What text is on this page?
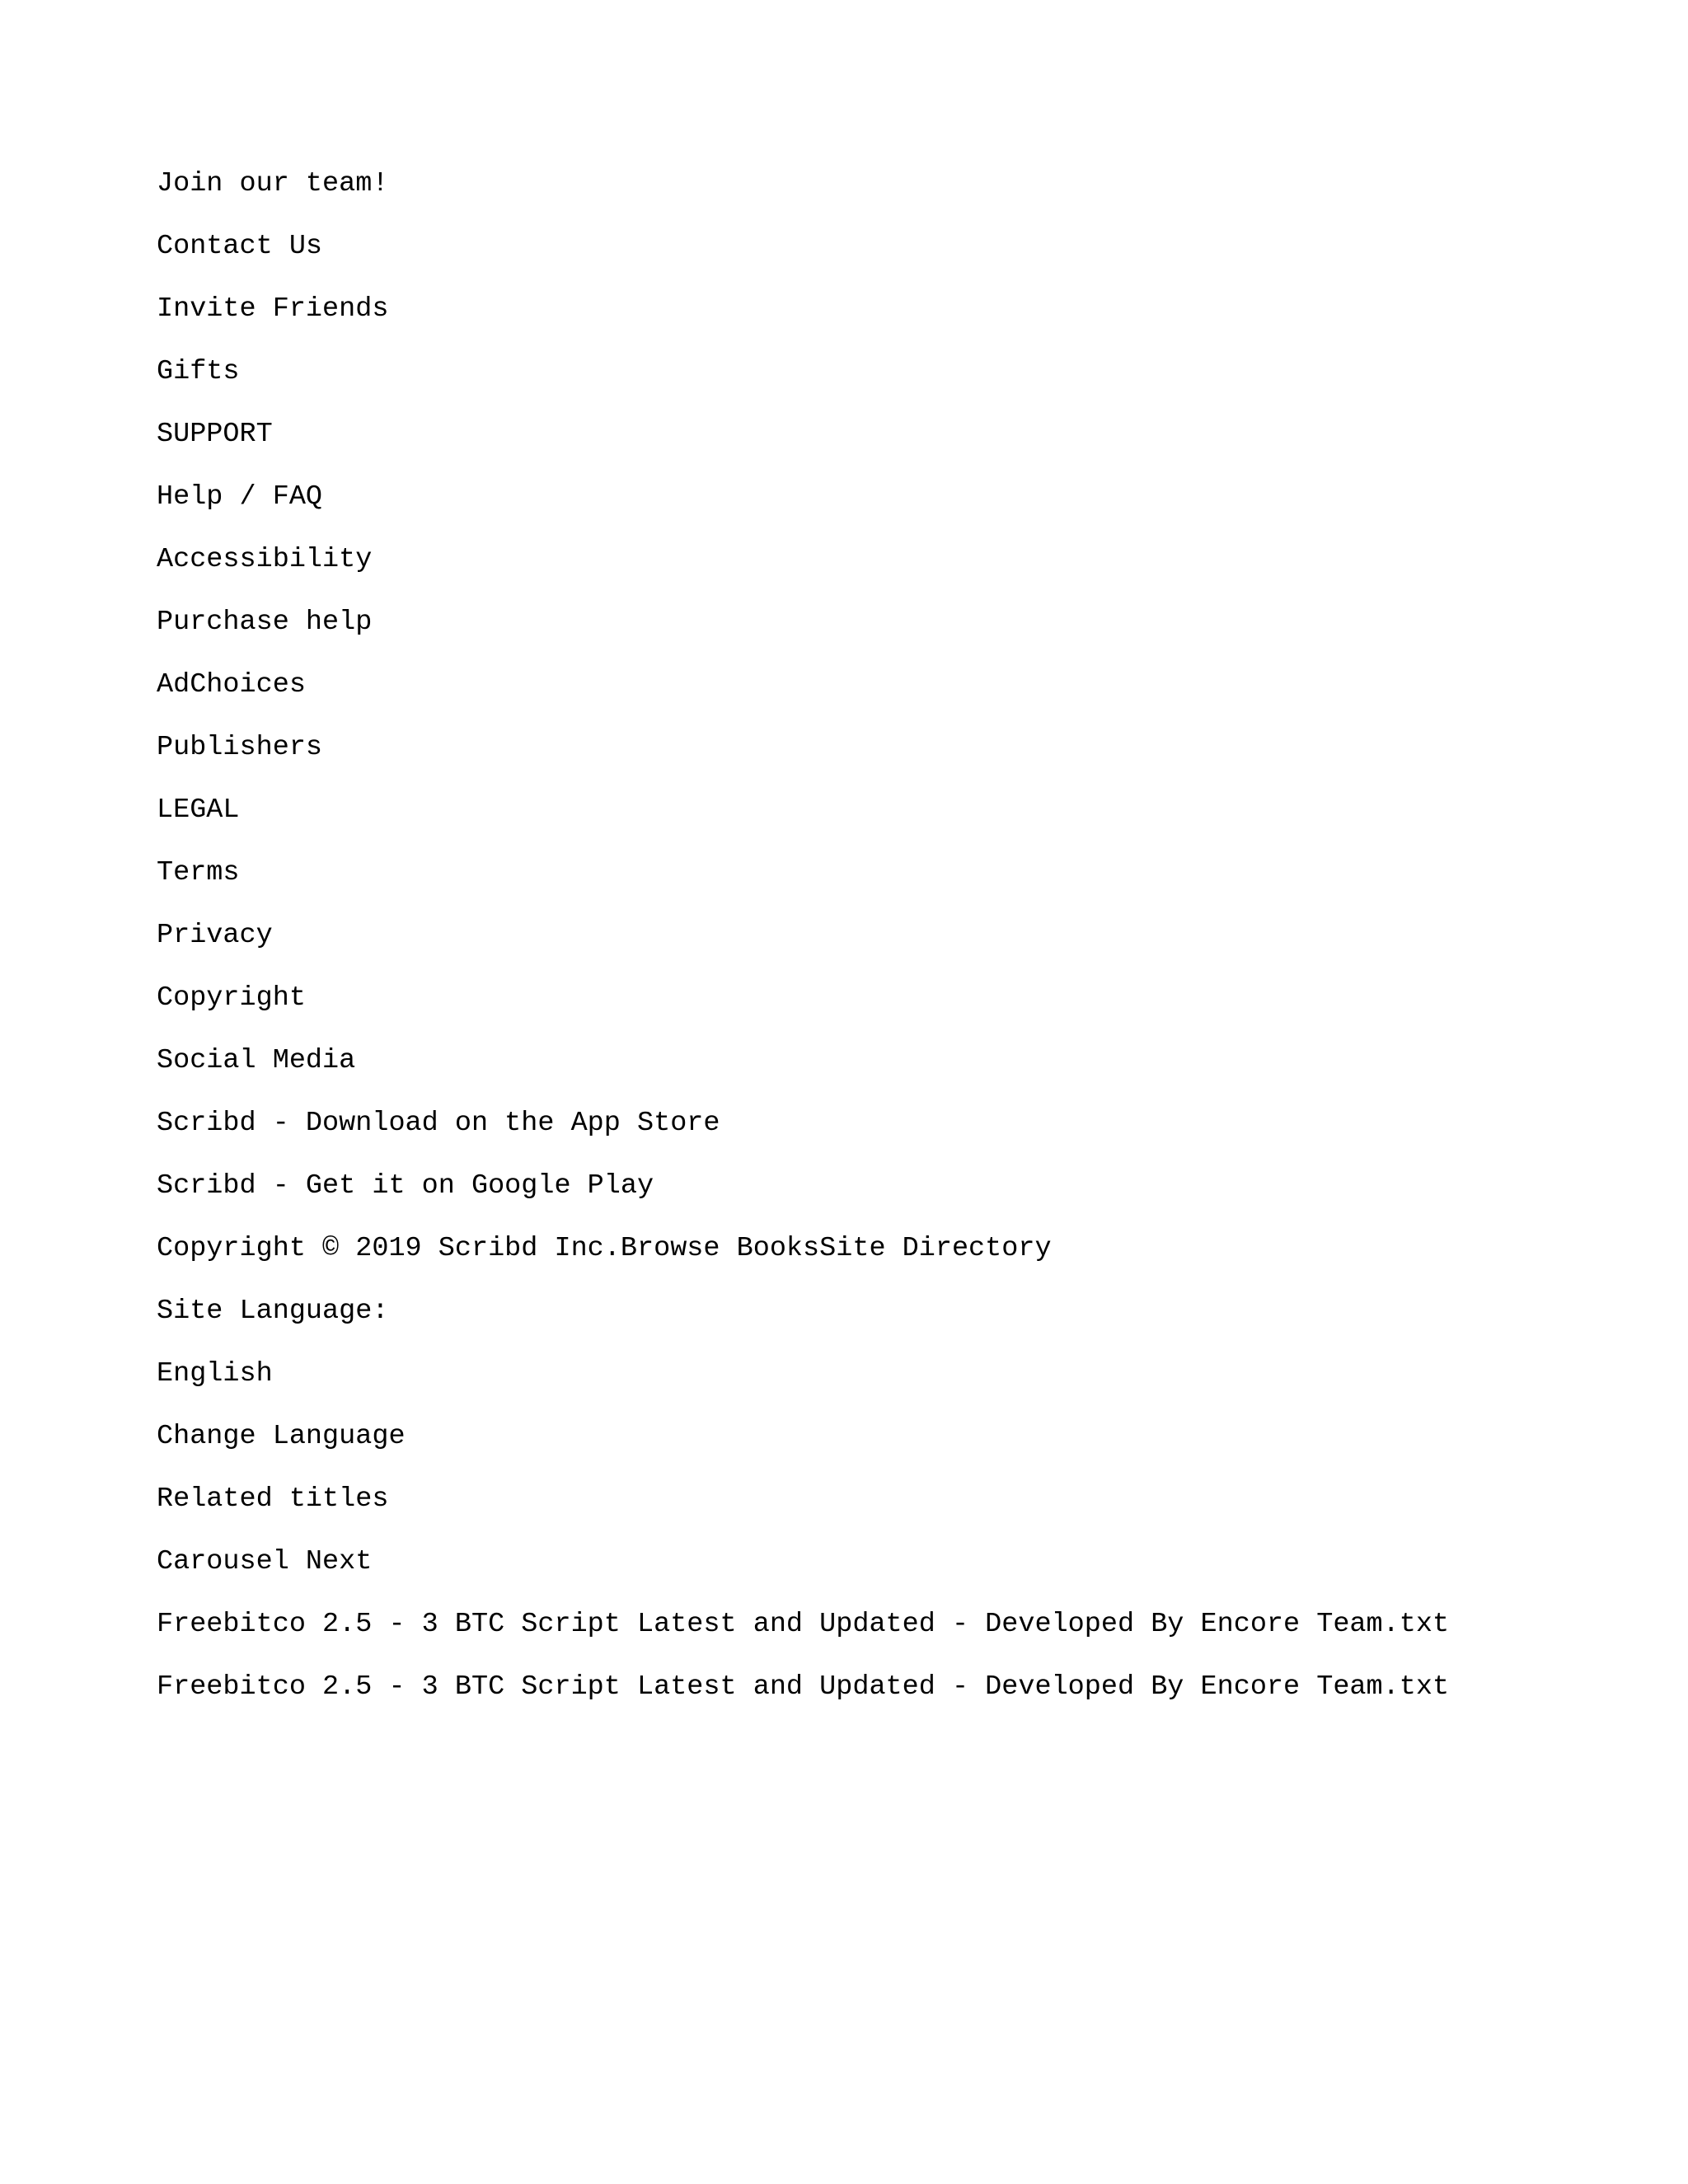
Join our team!
Contact Us
Invite Friends
Gifts
SUPPORT
Help / FAQ
Accessibility
Purchase help
AdChoices
Publishers
LEGAL
Terms
Privacy
Copyright
Social Media
Scribd - Download on the App Store
Scribd - Get it on Google Play
Copyright © 2019 Scribd Inc.Browse BooksSite Directory
Site Language:
English
Change Language
Related titles
Carousel Next
Freebitco 2.5 - 3 BTC Script Latest and Updated - Developed By Encore Team.txt
Freebitco 2.5 - 3 BTC Script Latest and Updated - Developed By Encore Team.txt
